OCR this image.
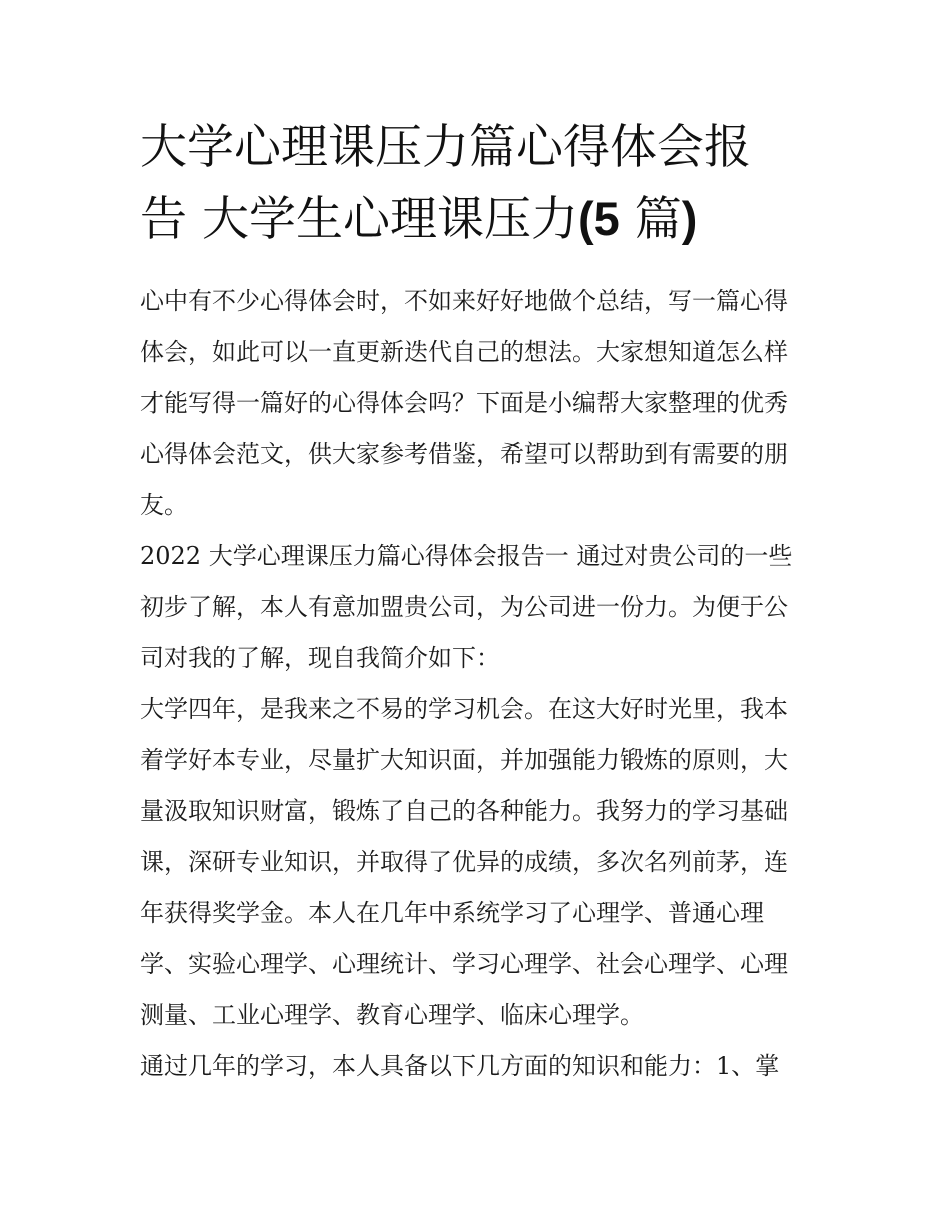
大学心理课压力篇心得体会报
告 大学生心理课压力(5 篇)
心中有不少心得体会时，不如来好好地做个总结，写一篇心得
体会，如此可以一直更新迭代自己的想法。大家想知道怎么样
才能写得一篇好的心得体会吗？下面是小编帮大家整理的优秀
心得体会范文，供大家参考借鉴，希望可以帮助到有需要的朋
友。
2022 大学心理课压力篇心得体会报告一 通过对贵公司的一些
初步了解，本人有意加盟贵公司，为公司进一份力。为便于公
司对我的了解，现自我简介如下：
大学四年，是我来之不易的学习机会。在这大好时光里，我本
着学好本专业，尽量扩大知识面，并加强能力锻炼的原则，大
量汲取知识财富，锻炼了自己的各种能力。我努力的学习基础
课，深研专业知识，并取得了优异的成绩，多次名列前茅，连
年获得奖学金。本人在几年中系统学习了心理学、普通心理
学、实验心理学、心理统计、学习心理学、社会心理学、心理
测量、工业心理学、教育心理学、临床心理学。
通过几年的学习，本人具备以下几方面的知识和能力：1、掌
